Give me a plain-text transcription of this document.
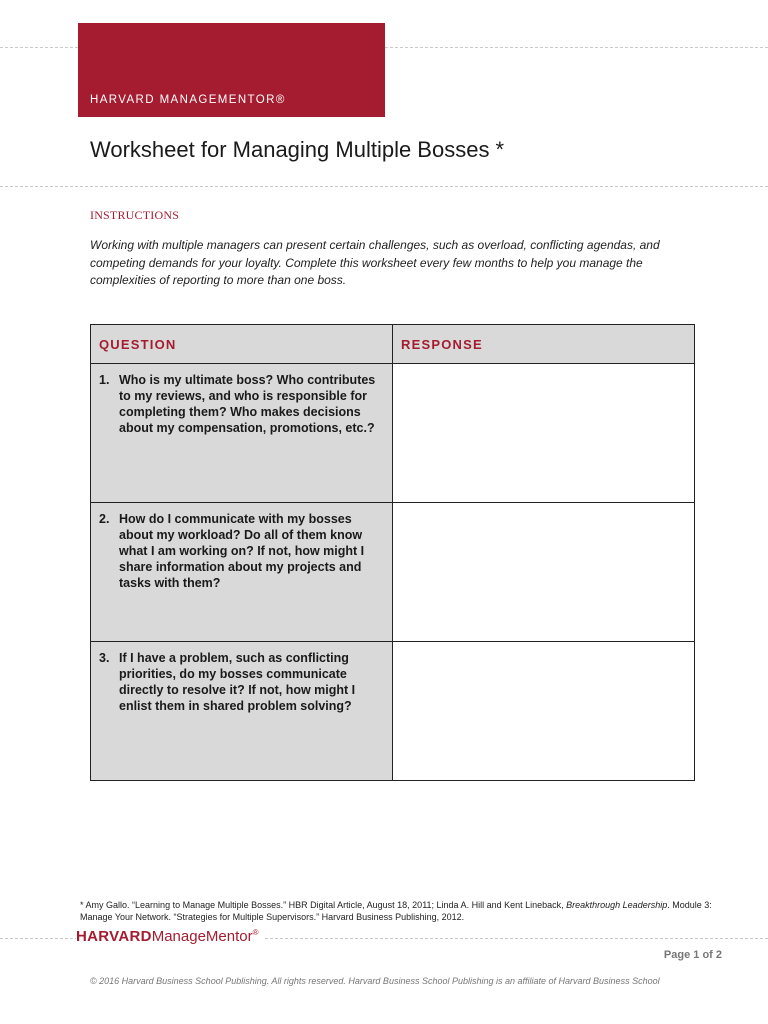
HARVARD MANAGEMENTOR®
Worksheet for Managing Multiple Bosses *
INSTRUCTIONS
Working with multiple managers can present certain challenges, such as overload, conflicting agendas, and competing demands for your loyalty. Complete this worksheet every few months to help you manage the complexities of reporting to more than one boss.
QUESTION	RESPONSE

1. Who is my ultimate boss? Who contributes to my reviews, and who is responsible for completing them? Who makes decisions about my compensation, promotions, etc.?	

2. How do I communicate with my bosses about my workload? Do all of them know what I am working on? If not, how might I share information about my projects and tasks with them?	

3. If I have a problem, such as conflicting priorities, do my bosses communicate directly to resolve it? If not, how might I enlist them in shared problem solving?	

* Amy Gallo. “Learning to Manage Multiple Bosses.” HBR Digital Article, August 18, 2011; Linda A. Hill and Kent Lineback, Breakthrough Leadership. Module 3: Manage Your Network. “Strategies for Multiple Supervisors.” Harvard Business Publishing, 2012.
HARVARDManageMentor®
Page 1 of 2
© 2016 Harvard Business School Publishing. All rights reserved. Harvard Business School Publishing is an affiliate of Harvard Business School
